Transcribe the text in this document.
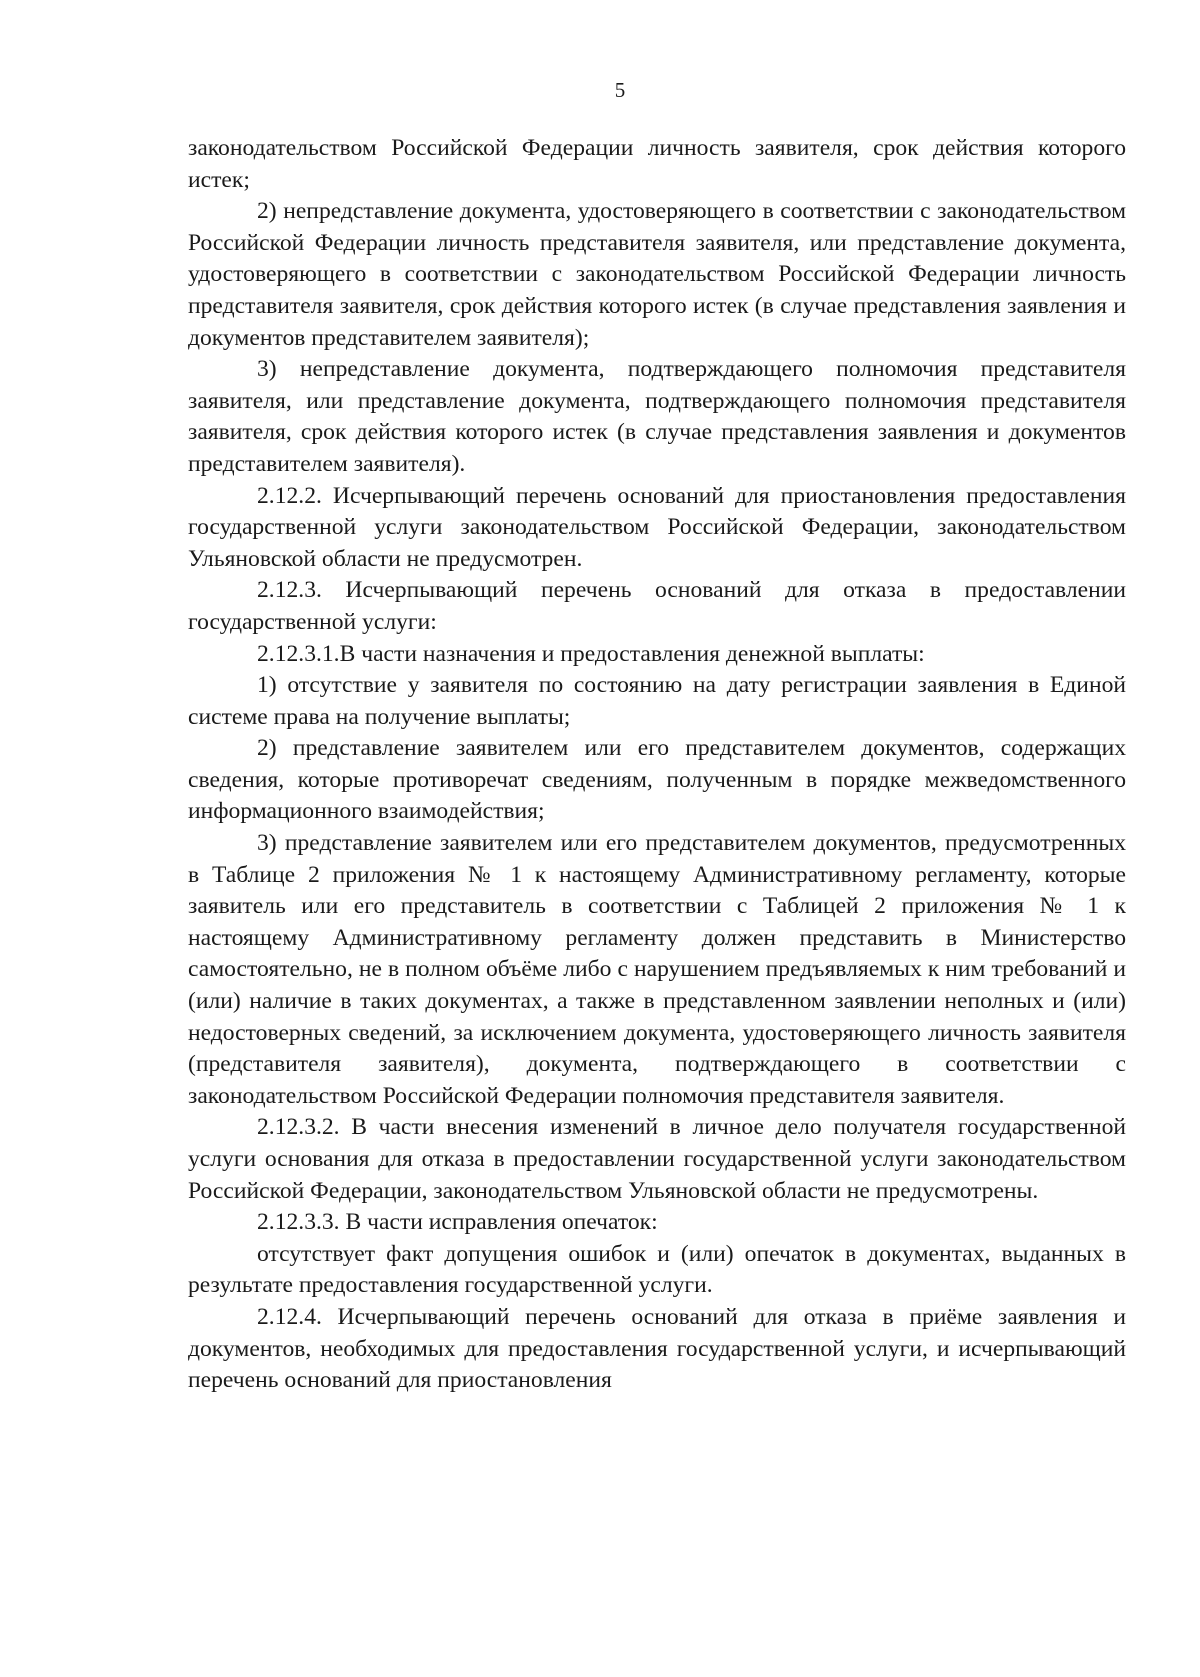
5

законодательством Российской Федерации личность заявителя, срок действия которого истек;

2) непредставление документа, удостоверяющего в соответствии с законодательством Российской Федерации личность представителя заявителя, или представление документа, удостоверяющего в соответствии с законодательством Российской Федерации личность представителя заявителя, срок действия которого истек (в случае представления заявления и документов представителем заявителя);

3) непредставление документа, подтверждающего полномочия представителя заявителя, или представление документа, подтверждающего полномочия представителя заявителя, срок действия которого истек (в случае представления заявления и документов представителем заявителя).

2.12.2. Исчерпывающий перечень оснований для приостановления предоставления государственной услуги законодательством Российской Федерации, законодательством Ульяновской области не предусмотрен.

2.12.3. Исчерпывающий перечень оснований для отказа в предоставлении государственной услуги:

2.12.3.1.В части назначения и предоставления денежной выплаты:

1) отсутствие у заявителя по состоянию на дату регистрации заявления в Единой системе права на получение выплаты;

2) представление заявителем или его представителем документов, содержащих сведения, которые противоречат сведениям, полученным в порядке межведомственного информационного взаимодействия;

3) представление заявителем или его представителем документов, предусмотренных в Таблице 2 приложения № 1 к настоящему Административному регламенту, которые заявитель или его представитель в соответствии с Таблицей 2 приложения № 1 к настоящему Административному регламенту должен представить в Министерство самостоятельно, не в полном объёме либо с нарушением предъявляемых к ним требований и (или) наличие в таких документах, а также в представленном заявлении неполных и (или) недостоверных сведений, за исключением документа, удостоверяющего личность заявителя (представителя заявителя), документа, подтверждающего в соответствии с законодательством Российской Федерации полномочия представителя заявителя.

2.12.3.2. В части внесения изменений в личное дело получателя государственной услуги основания для отказа в предоставлении государственной услуги законодательством Российской Федерации, законодательством Ульяновской области не предусмотрены.

2.12.3.3. В части исправления опечаток:

отсутствует факт допущения ошибок и (или) опечаток в документах, выданных в результате предоставления государственной услуги.

2.12.4. Исчерпывающий перечень оснований для отказа в приёме заявления и документов, необходимых для предоставления государственной услуги, и исчерпывающий перечень оснований для приостановления
